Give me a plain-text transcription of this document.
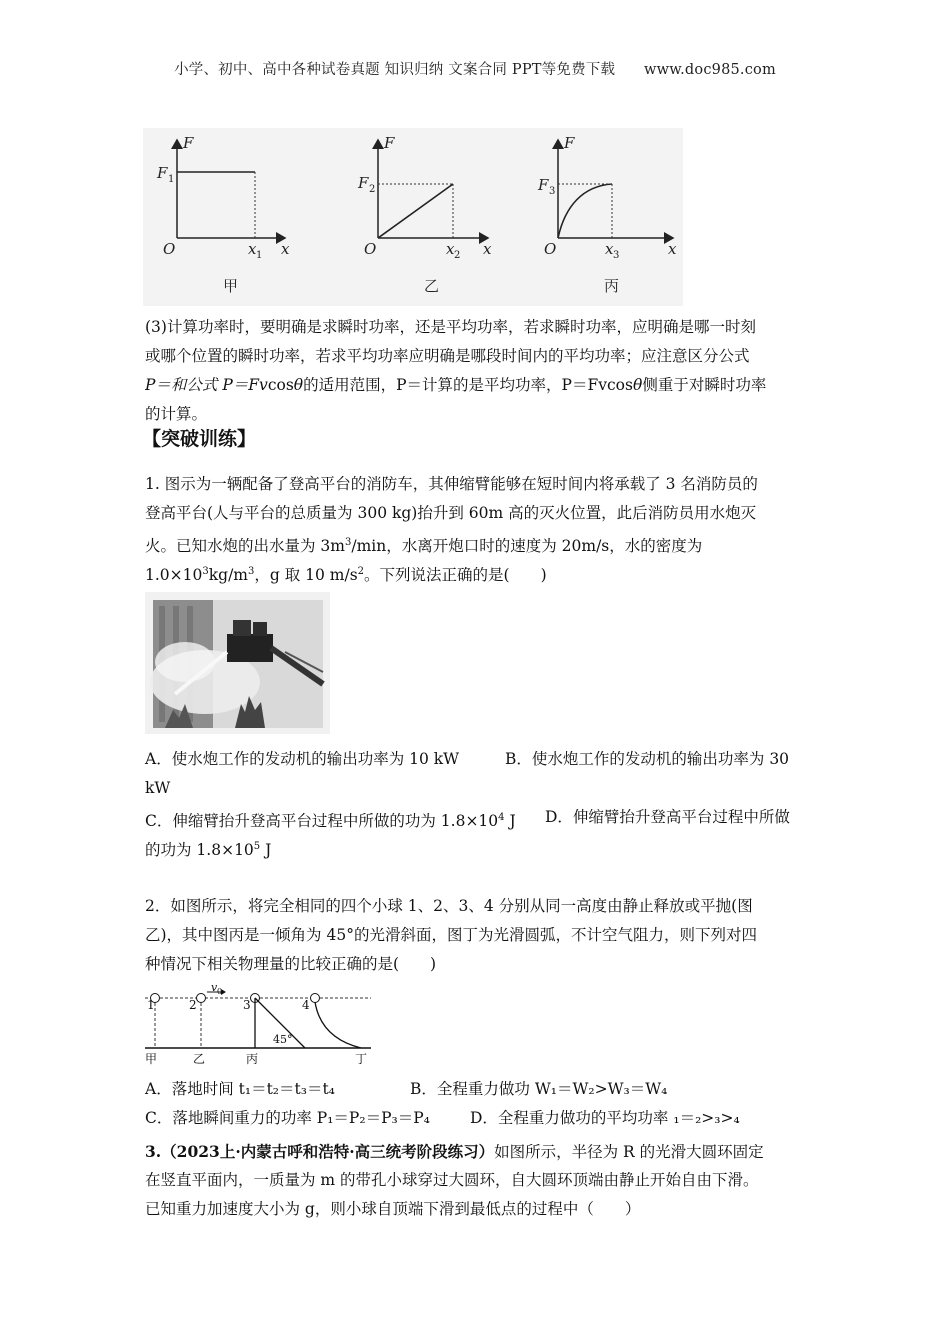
小学、初中、高中各种试卷真题 知识归纳 文案合同 PPT等免费下载 www.doc985.com
F
F 1
O	x 1 x
甲
F
F 2
O	x 2 x
乙
F
F 3
O	x 3	x
丙
(3)计算功率时，要明确是求瞬时功率，还是平均功率，若求瞬时功率，应明确是哪一时刻
或哪个位置的瞬时功率，若求平均功率应明确是哪段时间内的平均功率；应注意区分公式
P＝和公式 P＝Fvcosθ的适用范围，P＝计算的是平均功率，P＝Fvcosθ侧重于对瞬时功率
的计算。
【突破训练】
1. 图示为一辆配备了登高平台的消防车，其伸缩臂能够在短时间内将承载了 3 名消防员的
登高平台(人与平台的总质量为 300 kg)抬升到 60m 高的灭火位置，此后消防员用水炮灭
火。已知水炮的出水量为 $3m^3/\min$，水离开炮口时的速度为 20m/s，水的密度为
$1.0\times 10^3kg/m^3$，g 取 10 $m/s^2$。下列说法正确的是(　　)
A．使水炮工作的发动机的输出功率为 10 kW	B．使水炮工作的发动机的输出功率为 30
kW
C．伸缩臂抬升登高平台过程中所做的功为 $1.8\times 10^4$ J D．伸缩臂抬升登高平台过程中所做
的功为 $1.8\times 10^5$ J
2．如图所示，将完全相同的四个小球 1、2、3、4 分别从同一高度由静止释放或平抛(图
乙)，其中图丙是一倾角为 45°的光滑斜面，图丁为光滑圆弧，不计空气阻力，则下列对四
种情况下相关物理量的比较正确的是(　　)
1	2
v 0
3	4
45°
甲	乙	丙	丁
A．落地时间 t₁＝t₂＝t₃＝t₄	B．全程重力做功 W₁＝W₂>W₃＝W₄
C．落地瞬间重力的功率 P₁＝P₂＝P₃＝P₄	D．全程重力做功的平均功率 ₁＝₂>₃>₄
3.（2023上·内蒙古呼和浩特·高三统考阶段练习）如图所示，半径为 R 的光滑大圆环固定
在竖直平面内，一质量为 m 的带孔小球穿过大圆环，自大圆环顶端由静止开始自由下滑。
已知重力加速度大小为 g，则小球自顶端下滑到最低点的过程中（　　）
